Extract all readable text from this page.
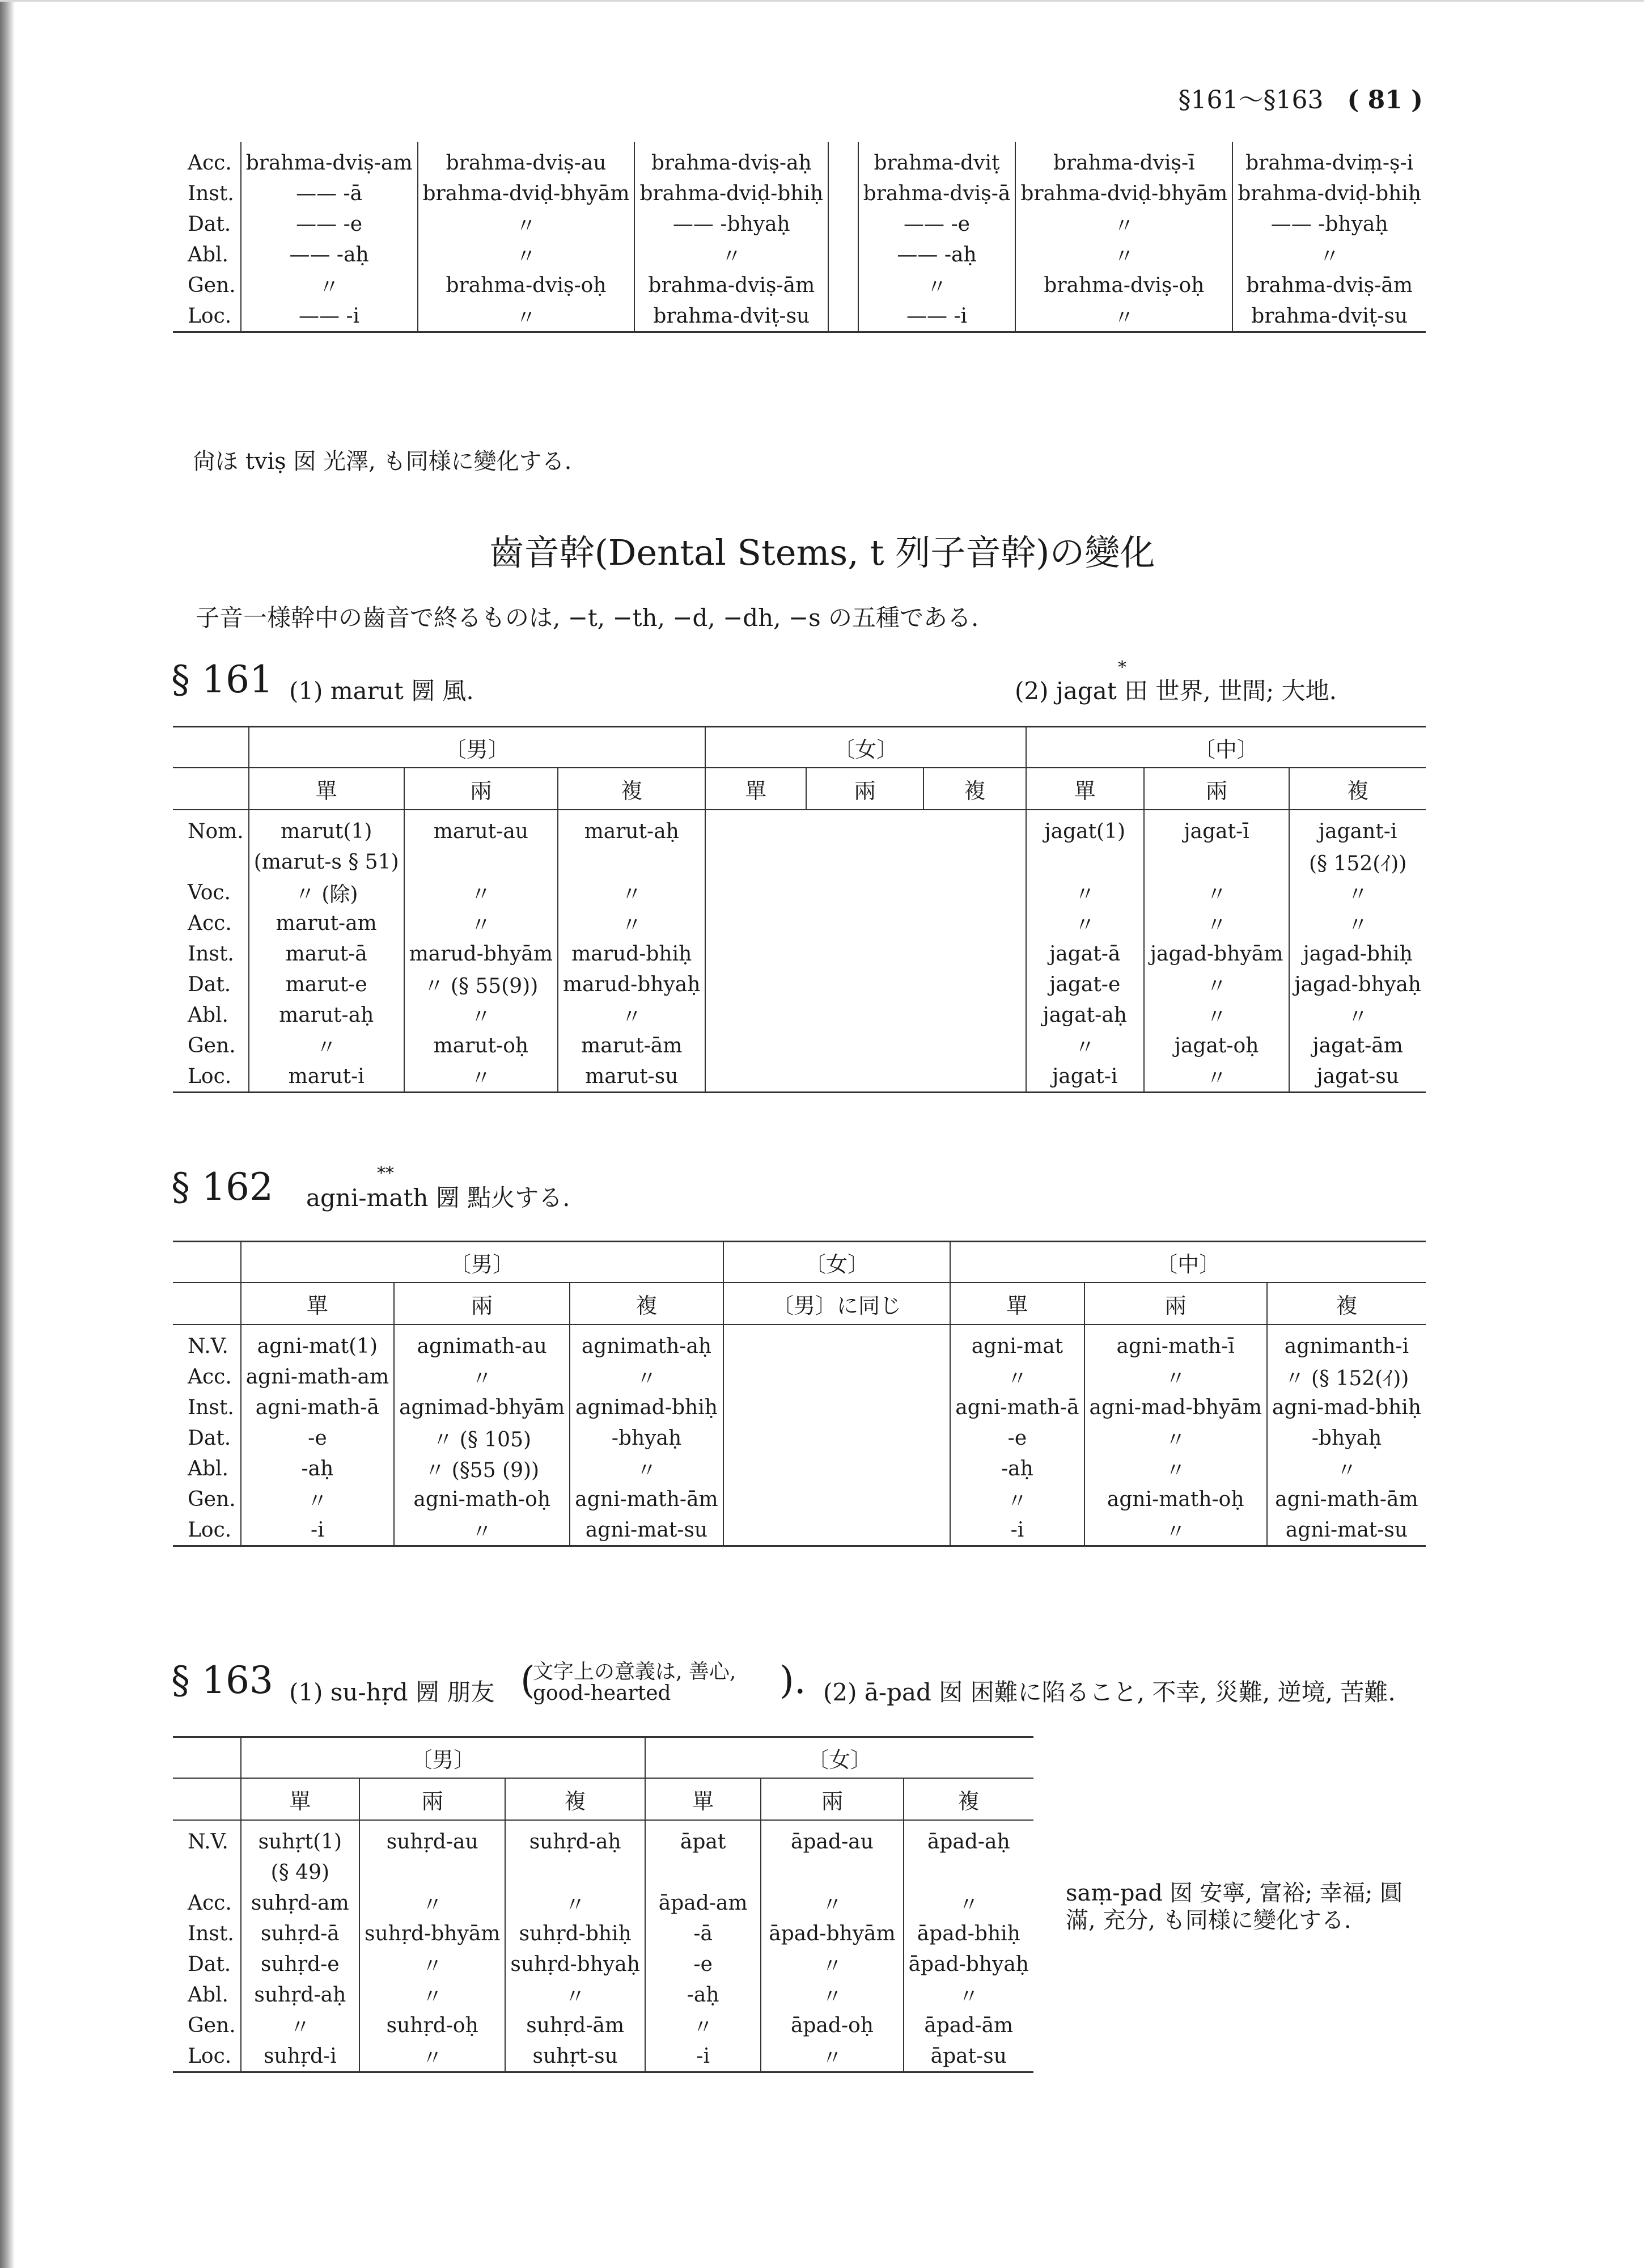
§161〜§163 ( 81 )
Acc.	brahma-dviṣ-am	brahma-dviṣ-au	brahma-dviṣ-aḥ		brahma-dviṭ	brahma-dviṣ-ī	brahma-dviṃ-ṣ-i
Inst.	—— -ā	brahma-dviḍ-bhyām	brahma-dviḍ-bhiḥ		brahma-dviṣ-ā	brahma-dviḍ-bhyām	brahma-dviḍ-bhiḥ
Dat.	—— -e	〃	—— -bhyaḥ		—— -e	〃	—— -bhyaḥ
Abl.	—— -aḥ	〃	〃		—— -aḥ	〃	〃
Gen.	〃	brahma-dviṣ-oḥ	brahma-dviṣ-ām		〃	brahma-dviṣ-oḥ	brahma-dviṣ-ām
Loc.	—— -i	〃	brahma-dviṭ-su		—— -i	〃	brahma-dviṭ-su
尙ほ tviṣ 囡 光澤, も同様に變化する.
齒音幹(Dental Stems, t 列子音幹)の變化
子音一様幹中の齒音で終るものは, −t, −th, −d, −dh, −s の五種である.
§ 161 (1) marut 圐 風.	(2) jagat 田 世界, 世間; 大地.
*
	〔男〕			〔女〕			〔中〕		
	單	兩	複	單	兩	複	單	兩	複
Nom.	marut(1)	marut-au	marut-aḥ				jagat(1)	jagat-ī	jagant-i
	(marut-s § 51)								(§ 152(ｲ))
Voc.	〃 (除)	〃	〃				〃	〃	〃
Acc.	marut-am	〃	〃				〃	〃	〃
Inst.	marut-ā	marud-bhyām	marud-bhiḥ				jagat-ā	jagad-bhyām	jagad-bhiḥ
Dat.	marut-e	〃 (§ 55(9))	marud-bhyaḥ				jagat-e	〃	jagad-bhyaḥ
Abl.	marut-aḥ	〃	〃				jagat-aḥ	〃	〃
Gen.	〃	marut-oḥ	marut-ām				〃	jagat-oḥ	jagat-ām
Loc.	marut-i	〃	marut-su				jagat-i	〃	jagat-su
§ 162 agni-math 圐 點火する.
**
	〔男〕			〔女〕	〔中〕		
	單	兩	複	〔男〕に同じ	單	兩	複
N.V.	agni-mat(1)	agnimath-au	agnimath-aḥ		agni-mat	agni-math-ī	agnimanth-i
Acc.	agni-math-am	〃	〃		〃	〃	〃 (§ 152(ｲ))
Inst.	agni-math-ā	agnimad-bhyām	agnimad-bhiḥ		agni-math-ā	agni-mad-bhyām	agni-mad-bhiḥ
Dat.	-e	〃 (§ 105)	-bhyaḥ		-e	〃	-bhyaḥ
Abl.	-aḥ	〃 (§55 (9))	〃		-aḥ	〃	〃
Gen.	〃	agni-math-oḥ	agni-math-ām		〃	agni-math-oḥ	agni-math-ām
Loc.	-i	〃	agni-mat-su		-i	〃	agni-mat-su
§ 163 (1) su-hṛd 圐 朋友 (
文字上の意義は, 善心,
good-hearted	). (2) ā-pad 囡 困難に陷ること, 不幸, 災難, 逆境, 苦難.
	〔男〕			〔女〕		
	單	兩	複	單	兩	複
N.V.	suhṛt(1)	suhṛd-au	suhṛd-aḥ	āpat	āpad-au	āpad-aḥ
	(§ 49)					
Acc.	suhṛd-am	〃	〃	āpad-am	〃	〃
Inst.	suhṛd-ā	suhṛd-bhyām	suhṛd-bhiḥ	-ā	āpad-bhyām	āpad-bhiḥ
Dat.	suhṛd-e	〃	suhṛd-bhyaḥ	-e	〃	āpad-bhyaḥ
Abl.	suhṛd-aḥ	〃	〃	-aḥ	〃	〃
Gen.	〃	suhṛd-oḥ	suhṛd-ām	〃	āpad-oḥ	āpad-ām
Loc.	suhṛd-i	〃	suhṛt-su	-i	〃	āpat-su
saṃ-pad 囡 安寧, 富裕; 幸福; 圓滿, 充分, も同様に變化する.
